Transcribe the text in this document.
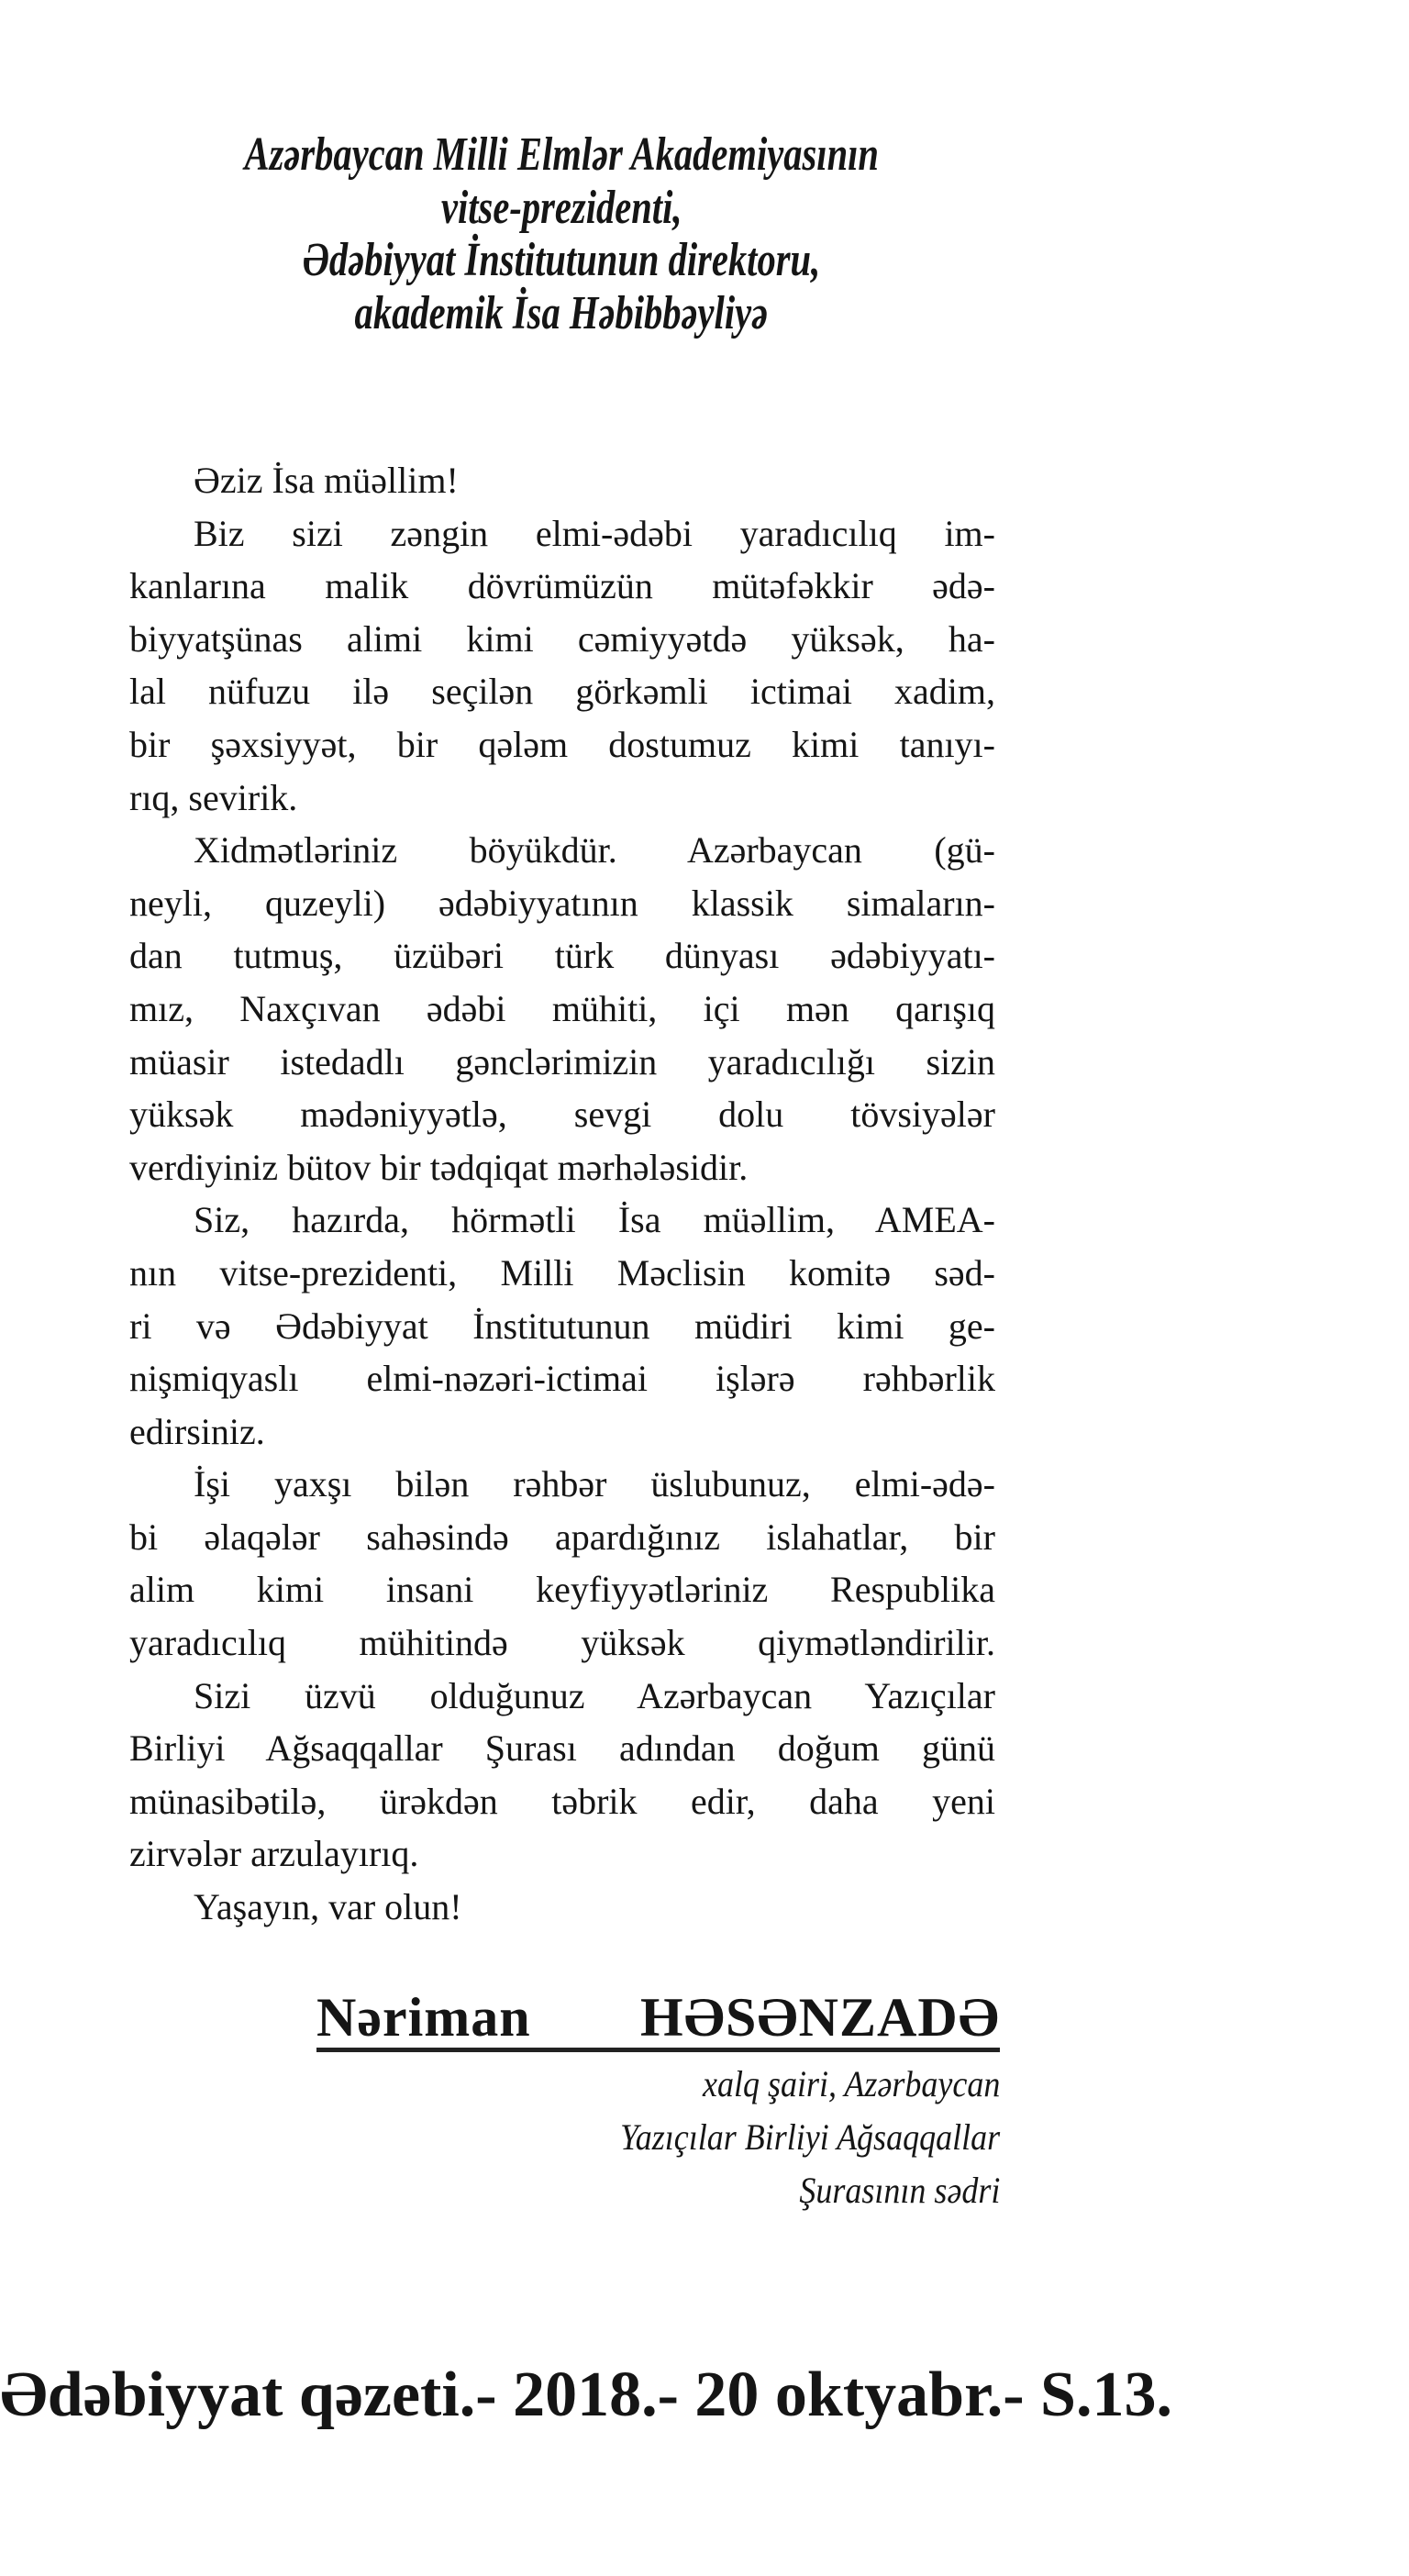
Azərbaycan Milli Elmlər Akademiyasının
vitse-prezidenti,
Ədəbiyyat İnstitutunun direktoru,
akademik İsa Həbibbəyliyə
Əziz İsa müəllim!
Biz sizi zəngin elmi-ədəbi yaradıcılıq im-
kanlarına malik dövrümüzün mütəfəkkir ədə-
biyyatşünas alimi kimi cəmiyyətdə yüksək, ha-
lal nüfuzu ilə seçilən görkəmli ictimai xadim,
bir şəxsiyyət, bir qələm dostumuz kimi tanıyı-
rıq, sevirik.
Xidmətləriniz böyükdür. Azərbaycan (gü-
neyli, quzeyli) ədəbiyyatının klassik simaların-
dan tutmuş, üzübəri türk dünyası ədəbiyyatı-
mız, Naxçıvan ədəbi mühiti, içi mən qarışıq
müasir istedadlı gənclərimizin yaradıcılığı sizin
yüksək mədəniyyətlə, sevgi dolu tövsiyələr
verdiyiniz bütov bir tədqiqat mərhələsidir.
Siz, hazırda, hörmətli İsa müəllim, AMEA-
nın vitse-prezidenti, Milli Məclisin komitə səd-
ri və Ədəbiyyat İnstitutunun müdiri kimi ge-
nişmiqyaslı elmi-nəzəri-ictimai işlərə rəhbərlik
edirsiniz.
İşi yaxşı bilən rəhbər üslubunuz, elmi-ədə-
bi əlaqələr sahəsində apardığınız islahatlar, bir
alim kimi insani keyfiyyətləriniz Respublika
yaradıcılıq mühitində yüksək qiymətləndirilir.
Sizi üzvü olduğunuz Azərbaycan Yazıçılar
Birliyi Ağsaqqallar Şurası adından doğum günü
münasibətilə, ürəkdən təbrik edir, daha yeni
zirvələr arzulayırıq.
Yaşayın, var olun!
Nəriman HƏSƏNZADƏ
xalq şairi, Azərbaycan
Yazıçılar Birliyi Ağsaqqallar
Şurasının sədri
Ədəbiyyat qəzeti.- 2018.- 20 oktyabr.- S.13.
